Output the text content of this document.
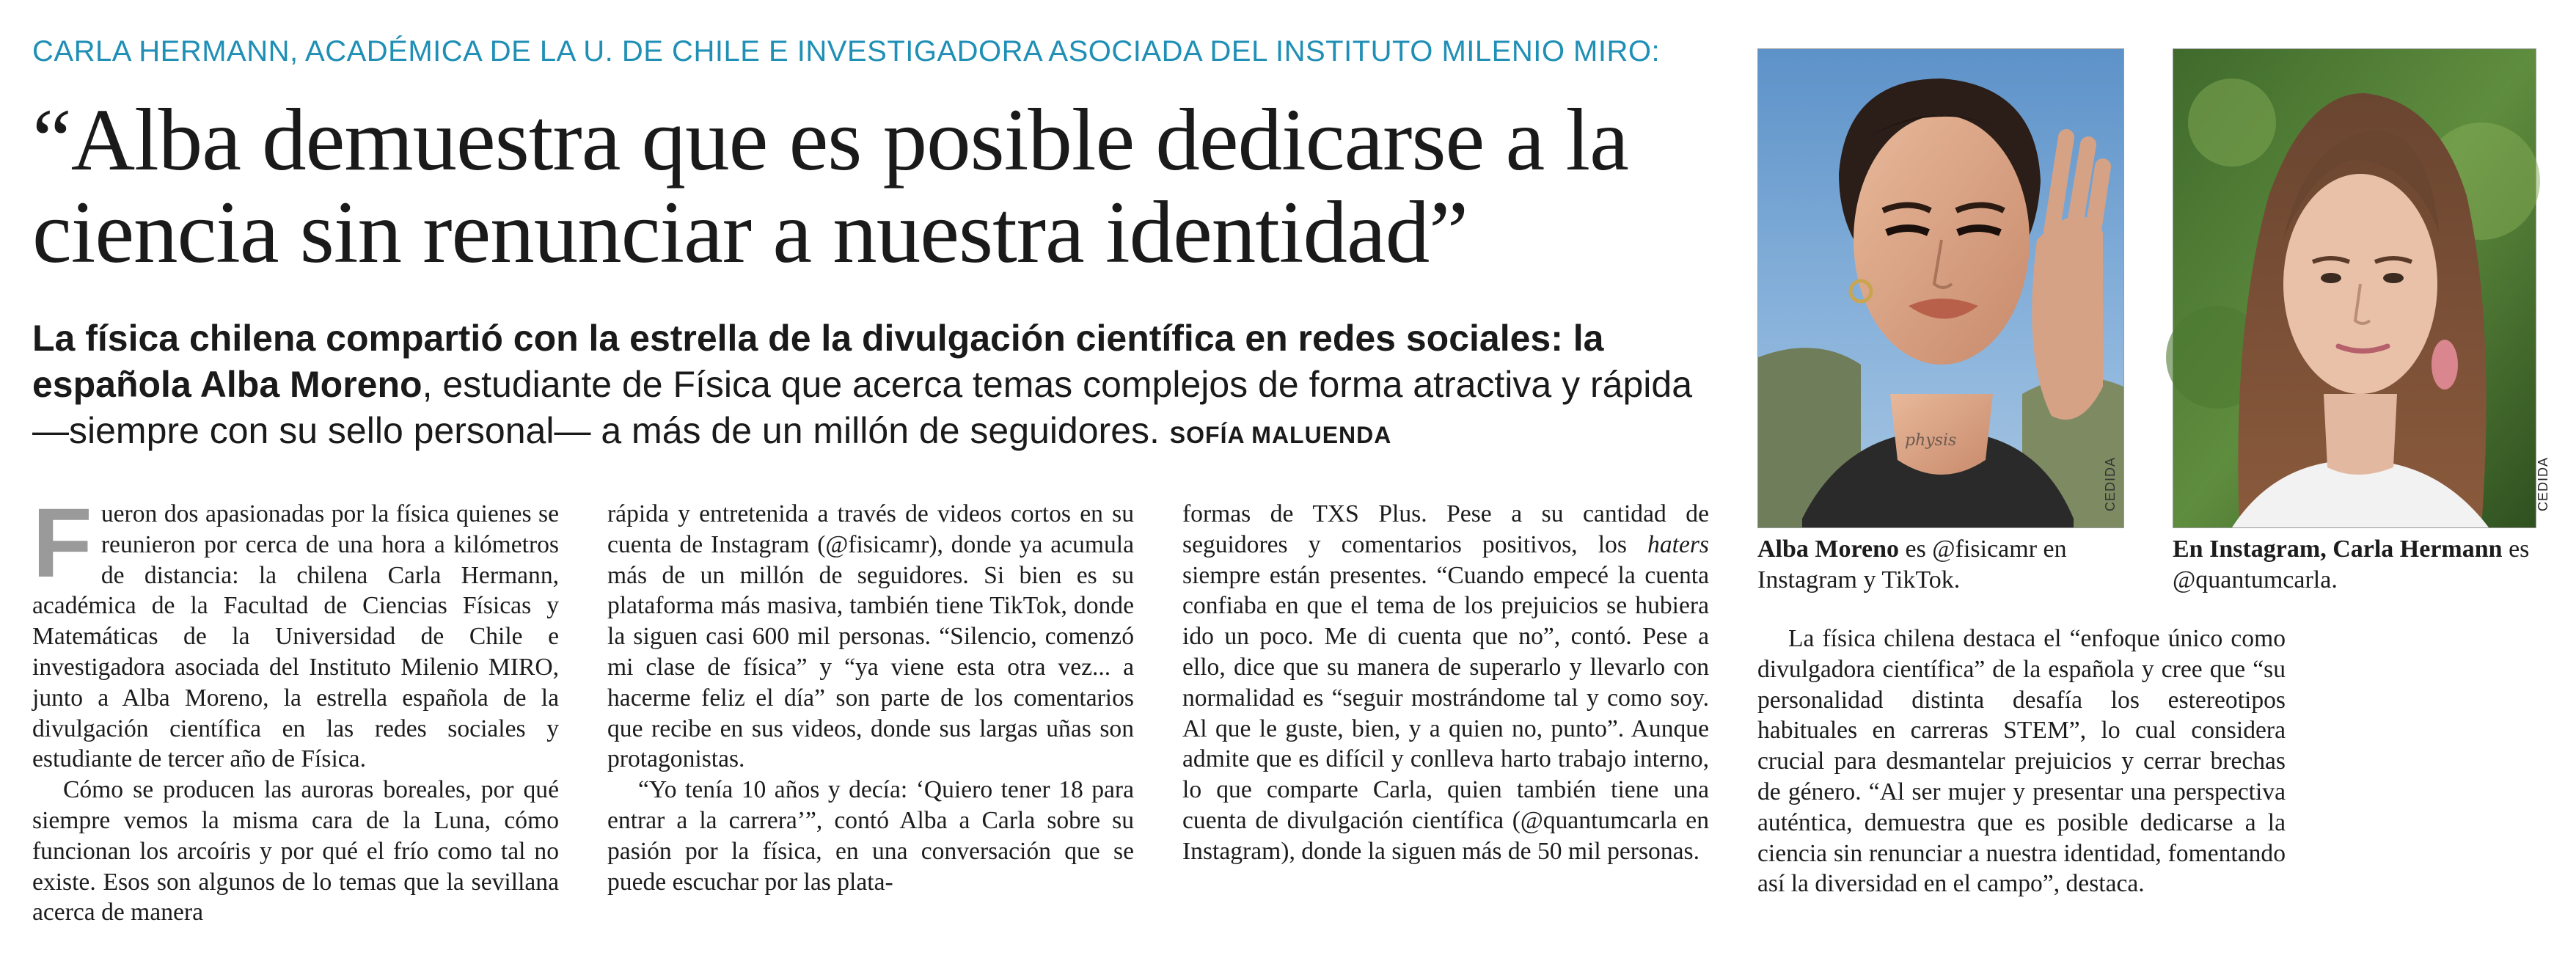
CARLA HERMANN, ACADÉMICA DE LA U. DE CHILE E INVESTIGADORA ASOCIADA DEL INSTITUTO MILENIO MIRO:
“Alba demuestra que es posible dedicarse a la ciencia sin renunciar a nuestra identidad”

La física chilena compartió con la estrella de la divulgación científica en redes sociales: la española Alba Moreno, estudiante de Física que acerca temas complejos de forma atractiva y rápida —siempre con su sello personal— a más de un millón de seguidores. SOFÍA MALUENDA

Fueron dos apasionadas por la física quienes se reunieron por cerca de una hora a kilómetros de distancia: la chilena Carla Hermann, académica de la Facultad de Ciencias Físicas y Matemáticas de la Universidad de Chile e investigadora asociada del Instituto Milenio MIRO, junto a Alba Moreno, la estrella española de la divulgación científica en las redes sociales y estudiante de tercer año de Física.

Cómo se producen las auroras boreales, por qué siempre vemos la misma cara de la Luna, cómo funcionan los arcoíris y por qué el frío como tal no existe. Esos son algunos de lo temas que la sevillana acerca de manera

rápida y entretenida a través de videos cortos en su cuenta de Instagram (@fisicamr), donde ya acumula más de un millón de seguidores. Si bien es su plataforma más masiva, también tiene TikTok, donde la siguen casi 600 mil personas. “Silencio, comenzó mi clase de física” y “ya viene esta otra vez... a hacerme feliz el día” son parte de los comentarios que recibe en sus videos, donde sus largas uñas son protagonistas.

“Yo tenía 10 años y decía: ‘Quiero tener 18 para entrar a la carrera’”, contó Alba a Carla sobre su pasión por la física, en una conversación que se puede escuchar por las plata-

formas de TXS Plus. Pese a su cantidad de seguidores y comentarios positivos, los haters siempre están presentes. “Cuando empecé la cuenta confiaba en que el tema de los prejuicios se hubiera ido un poco. Me di cuenta que no”, contó. Pese a ello, dice que su manera de superarlo y llevarlo con normalidad es “seguir mostrándome tal y como soy. Al que le guste, bien, y a quien no, punto”. Aunque admite que es difícil y conlleva harto trabajo interno, lo que comparte Carla, quien también tiene una cuenta de divulgación científica (@quantumcarla en Instagram), donde la siguen más de 50 mil personas.

La física chilena destaca el “enfoque único como divulgadora científica” de la española y cree que “su personalidad distinta desafía los estereotipos habituales en carreras STEM”, lo cual considera crucial para desmantelar prejuicios y cerrar brechas de género. “Al ser mujer y presentar una perspectiva auténtica, demuestra que es posible dedicarse a la ciencia sin renunciar a nuestra identidad, fomentando así la diversidad en el campo”, destaca.

physis
CEDIDA	CEDIDA

Alba Moreno es @fisicamr en Instagram y TikTok.

En Instagram, Carla Hermann es @quantumcarla.
